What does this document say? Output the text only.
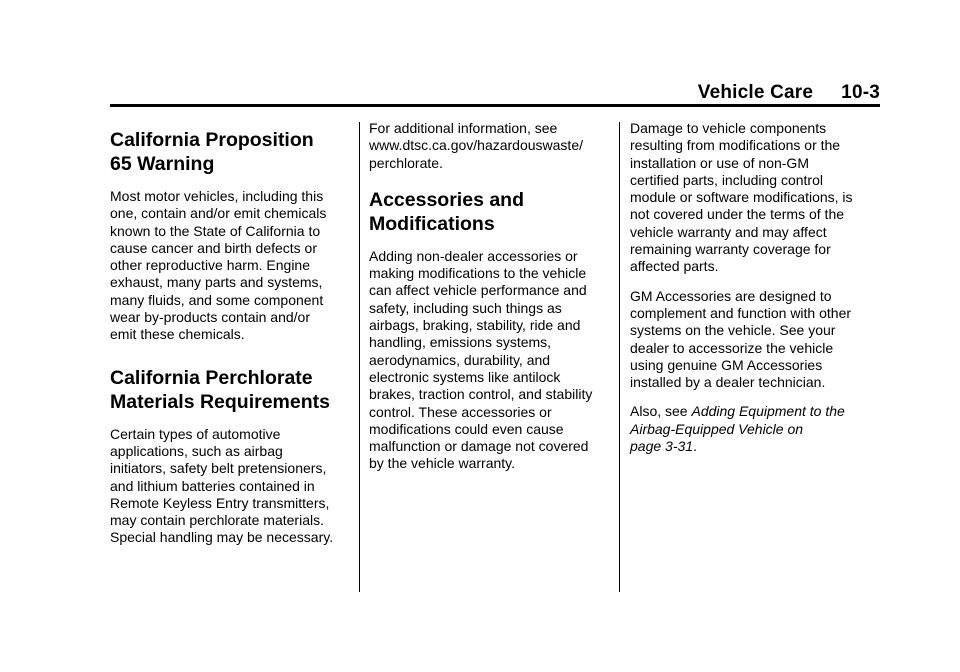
Vehicle Care 10-3
California Proposition
65 Warning

Most motor vehicles, including this
one, contain and/or emit chemicals
known to the State of California to
cause cancer and birth defects or
other reproductive harm. Engine
exhaust, many parts and systems,
many fluids, and some component
wear by-products contain and/or
emit these chemicals.

California Perchlorate
Materials Requirements

Certain types of automotive
applications, such as airbag
initiators, safety belt pretensioners,
and lithium batteries contained in
Remote Keyless Entry transmitters,
may contain perchlorate materials.
Special handling may be necessary.

For additional information, see
www.dtsc.ca.gov/hazardouswaste/
perchlorate.

Accessories and
Modifications

Adding non-dealer accessories or
making modifications to the vehicle
can affect vehicle performance and
safety, including such things as
airbags, braking, stability, ride and
handling, emissions systems,
aerodynamics, durability, and
electronic systems like antilock
brakes, traction control, and stability
control. These accessories or
modifications could even cause
malfunction or damage not covered
by the vehicle warranty.

Damage to vehicle components
resulting from modifications or the
installation or use of non-GM
certified parts, including control
module or software modifications, is
not covered under the terms of the
vehicle warranty and may affect
remaining warranty coverage for
affected parts.

GM Accessories are designed to
complement and function with other
systems on the vehicle. See your
dealer to accessorize the vehicle
using genuine GM Accessories
installed by a dealer technician.

Also, see Adding Equipment to the
Airbag-Equipped Vehicle on
page 3-31.
